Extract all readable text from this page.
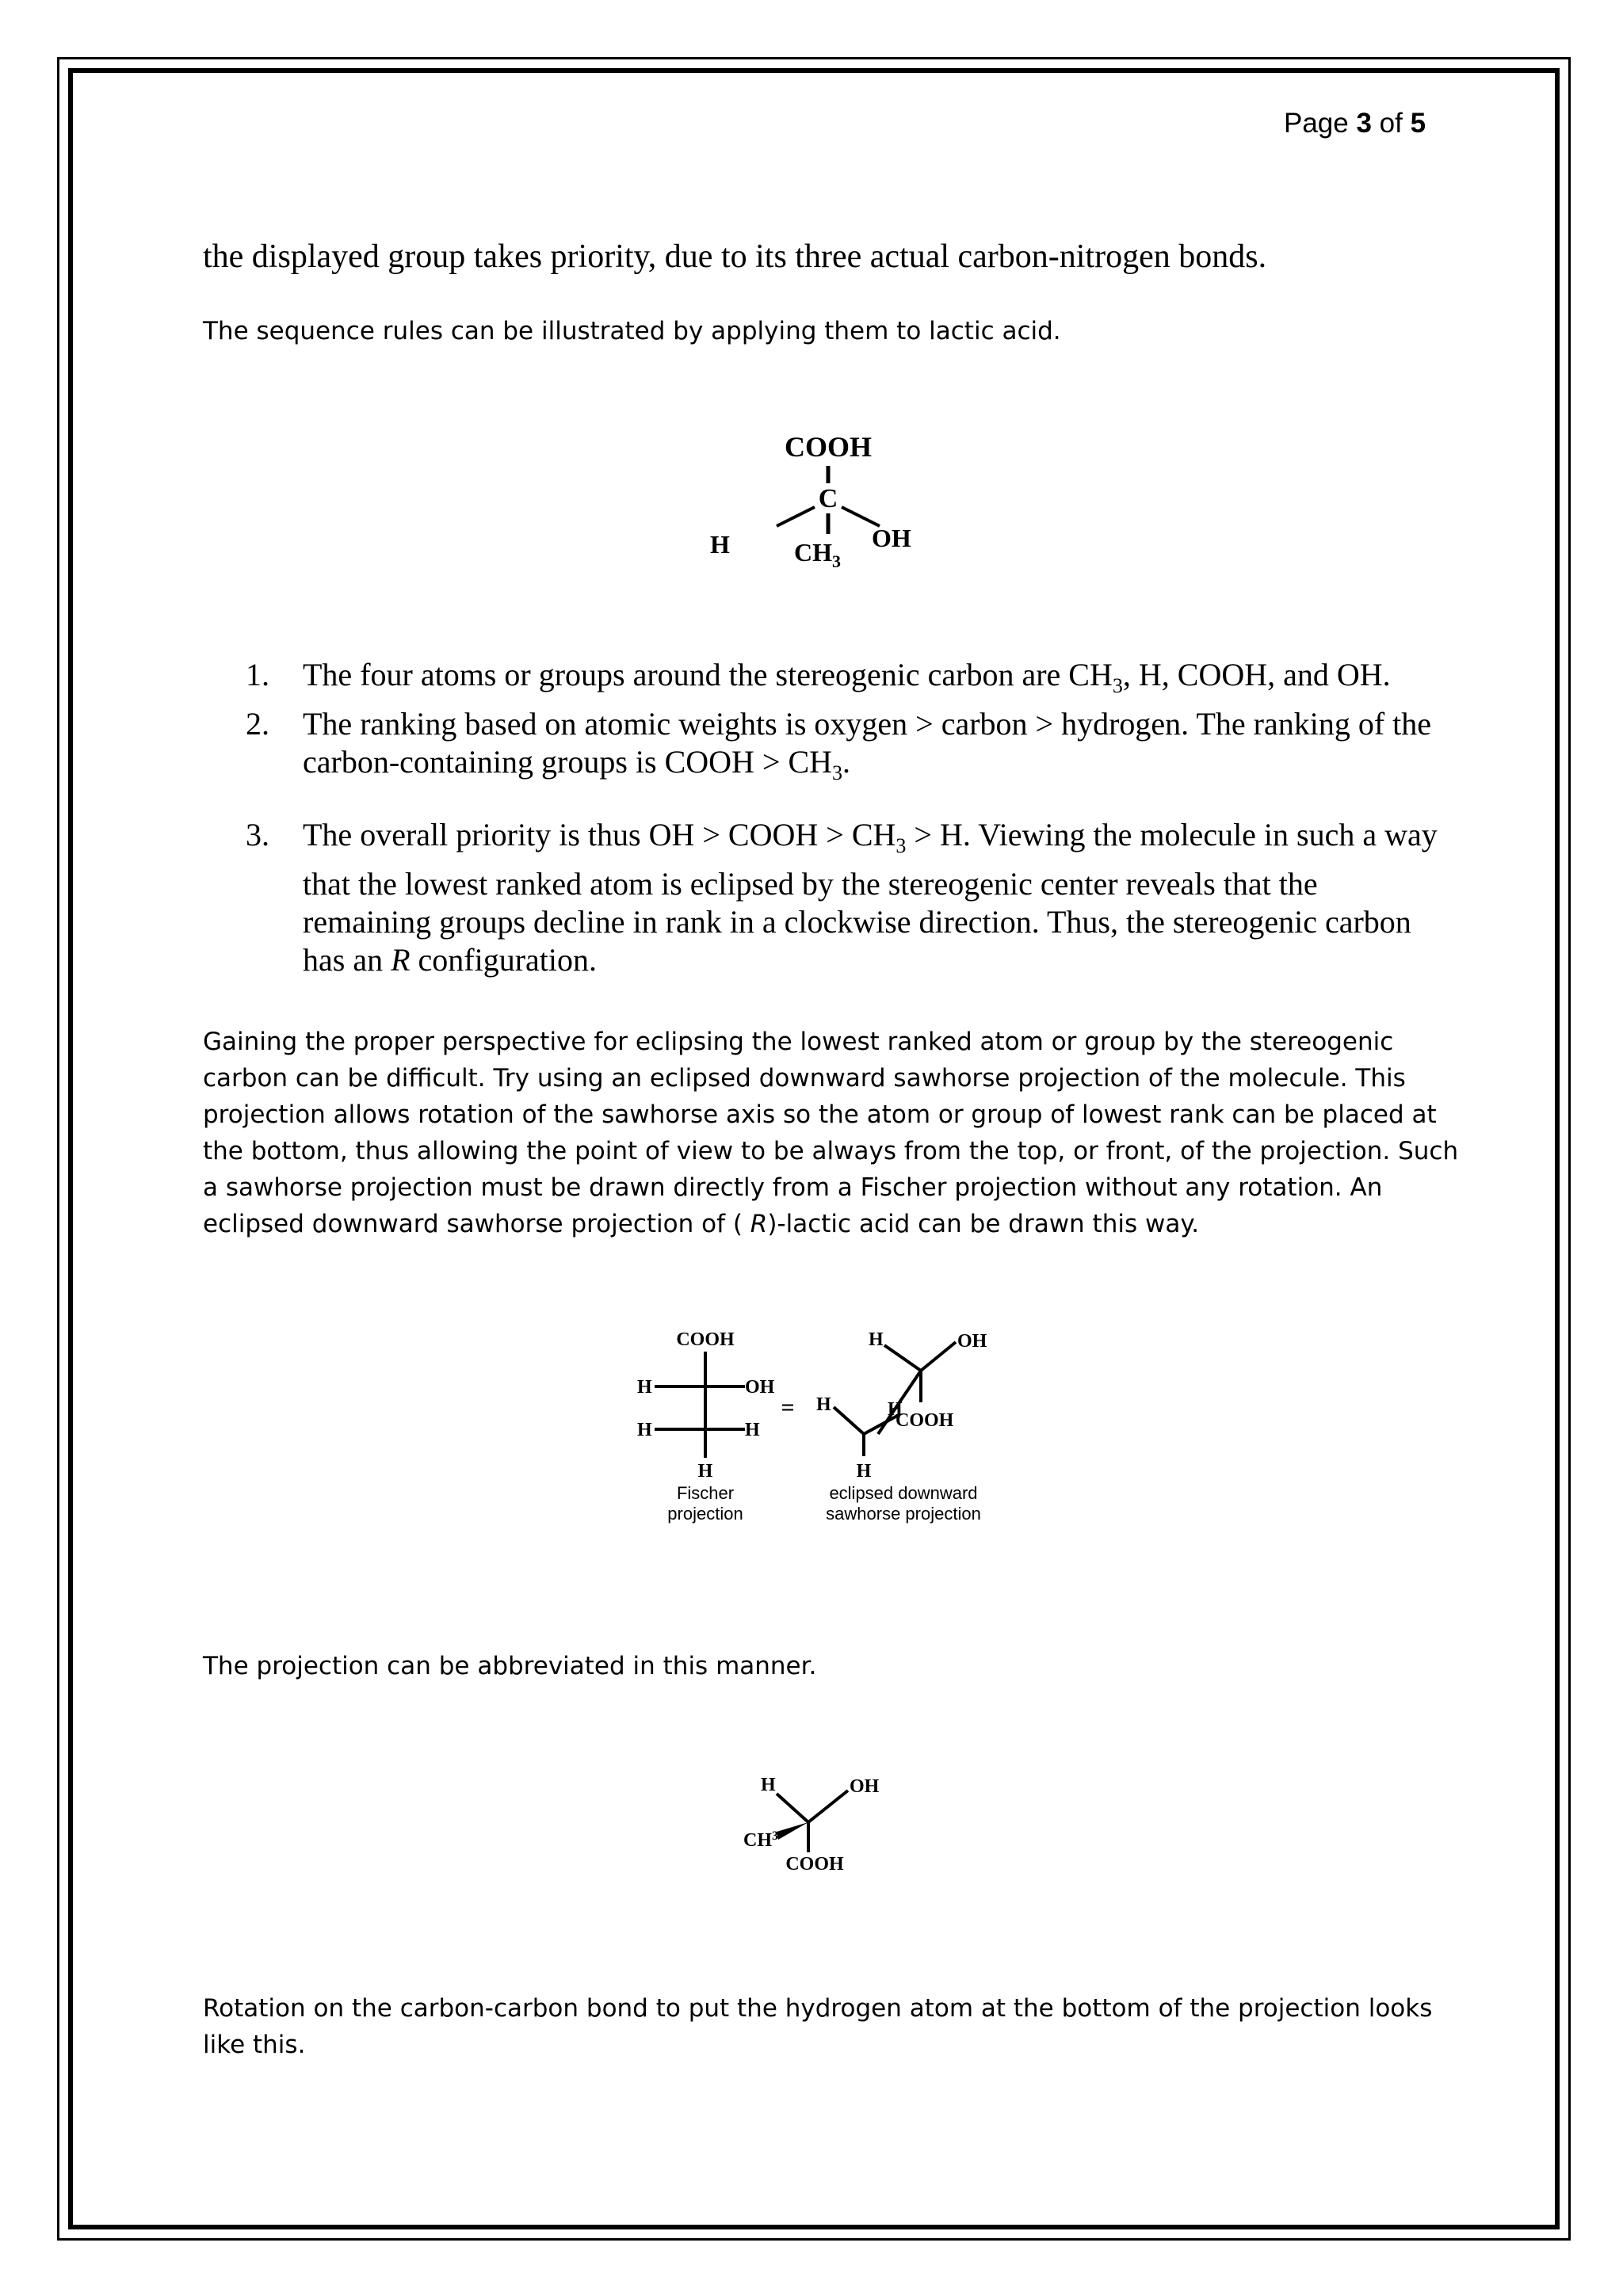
Page 3 of 5
the displayed group takes priority, due to its three actual carbon-nitrogen bonds.
The sequence rules can be illustrated by applying them to lactic acid.
COOH
C
H	OH
$CH_3$
1. The four atoms or groups around the stereogenic carbon are $CH_3$, H, COOH, and OH.
2. The ranking based on atomic weights is oxygen > carbon > hydrogen. The ranking of the carbon-containing groups is COOH > $CH_3$.
3. The overall priority is thus OH > COOH > $CH_3 > H$. Viewing the molecule in such a way that the lowest ranked atom is eclipsed by the stereogenic center reveals that the remaining groups decline in rank in a clockwise direction. Thus, the stereogenic carbon has an R configuration.
Gaining the proper perspective for eclipsing the lowest ranked atom or group by the stereogenic carbon can be difficult. Try using an eclipsed downward sawhorse projection of the molecule. This projection allows rotation of the sawhorse axis so the atom or group of lowest rank can be placed at the bottom, thus allowing the point of view to be always from the top, or front, of the projection. Such a sawhorse projection must be drawn directly from a Fischer projection without any rotation. An eclipsed downward sawhorse projection of ( R)-lactic acid can be drawn this way.
COOH
H	OH
H	H
H
Fischer
projection
=
H	OH
H	H
COOH
H
eclipsed downward
sawhorse projection
The projection can be abbreviated in this manner.
H	OH
$CH^3$
COOH
Rotation on the carbon-carbon bond to put the hydrogen atom at the bottom of the projection looks like this.
